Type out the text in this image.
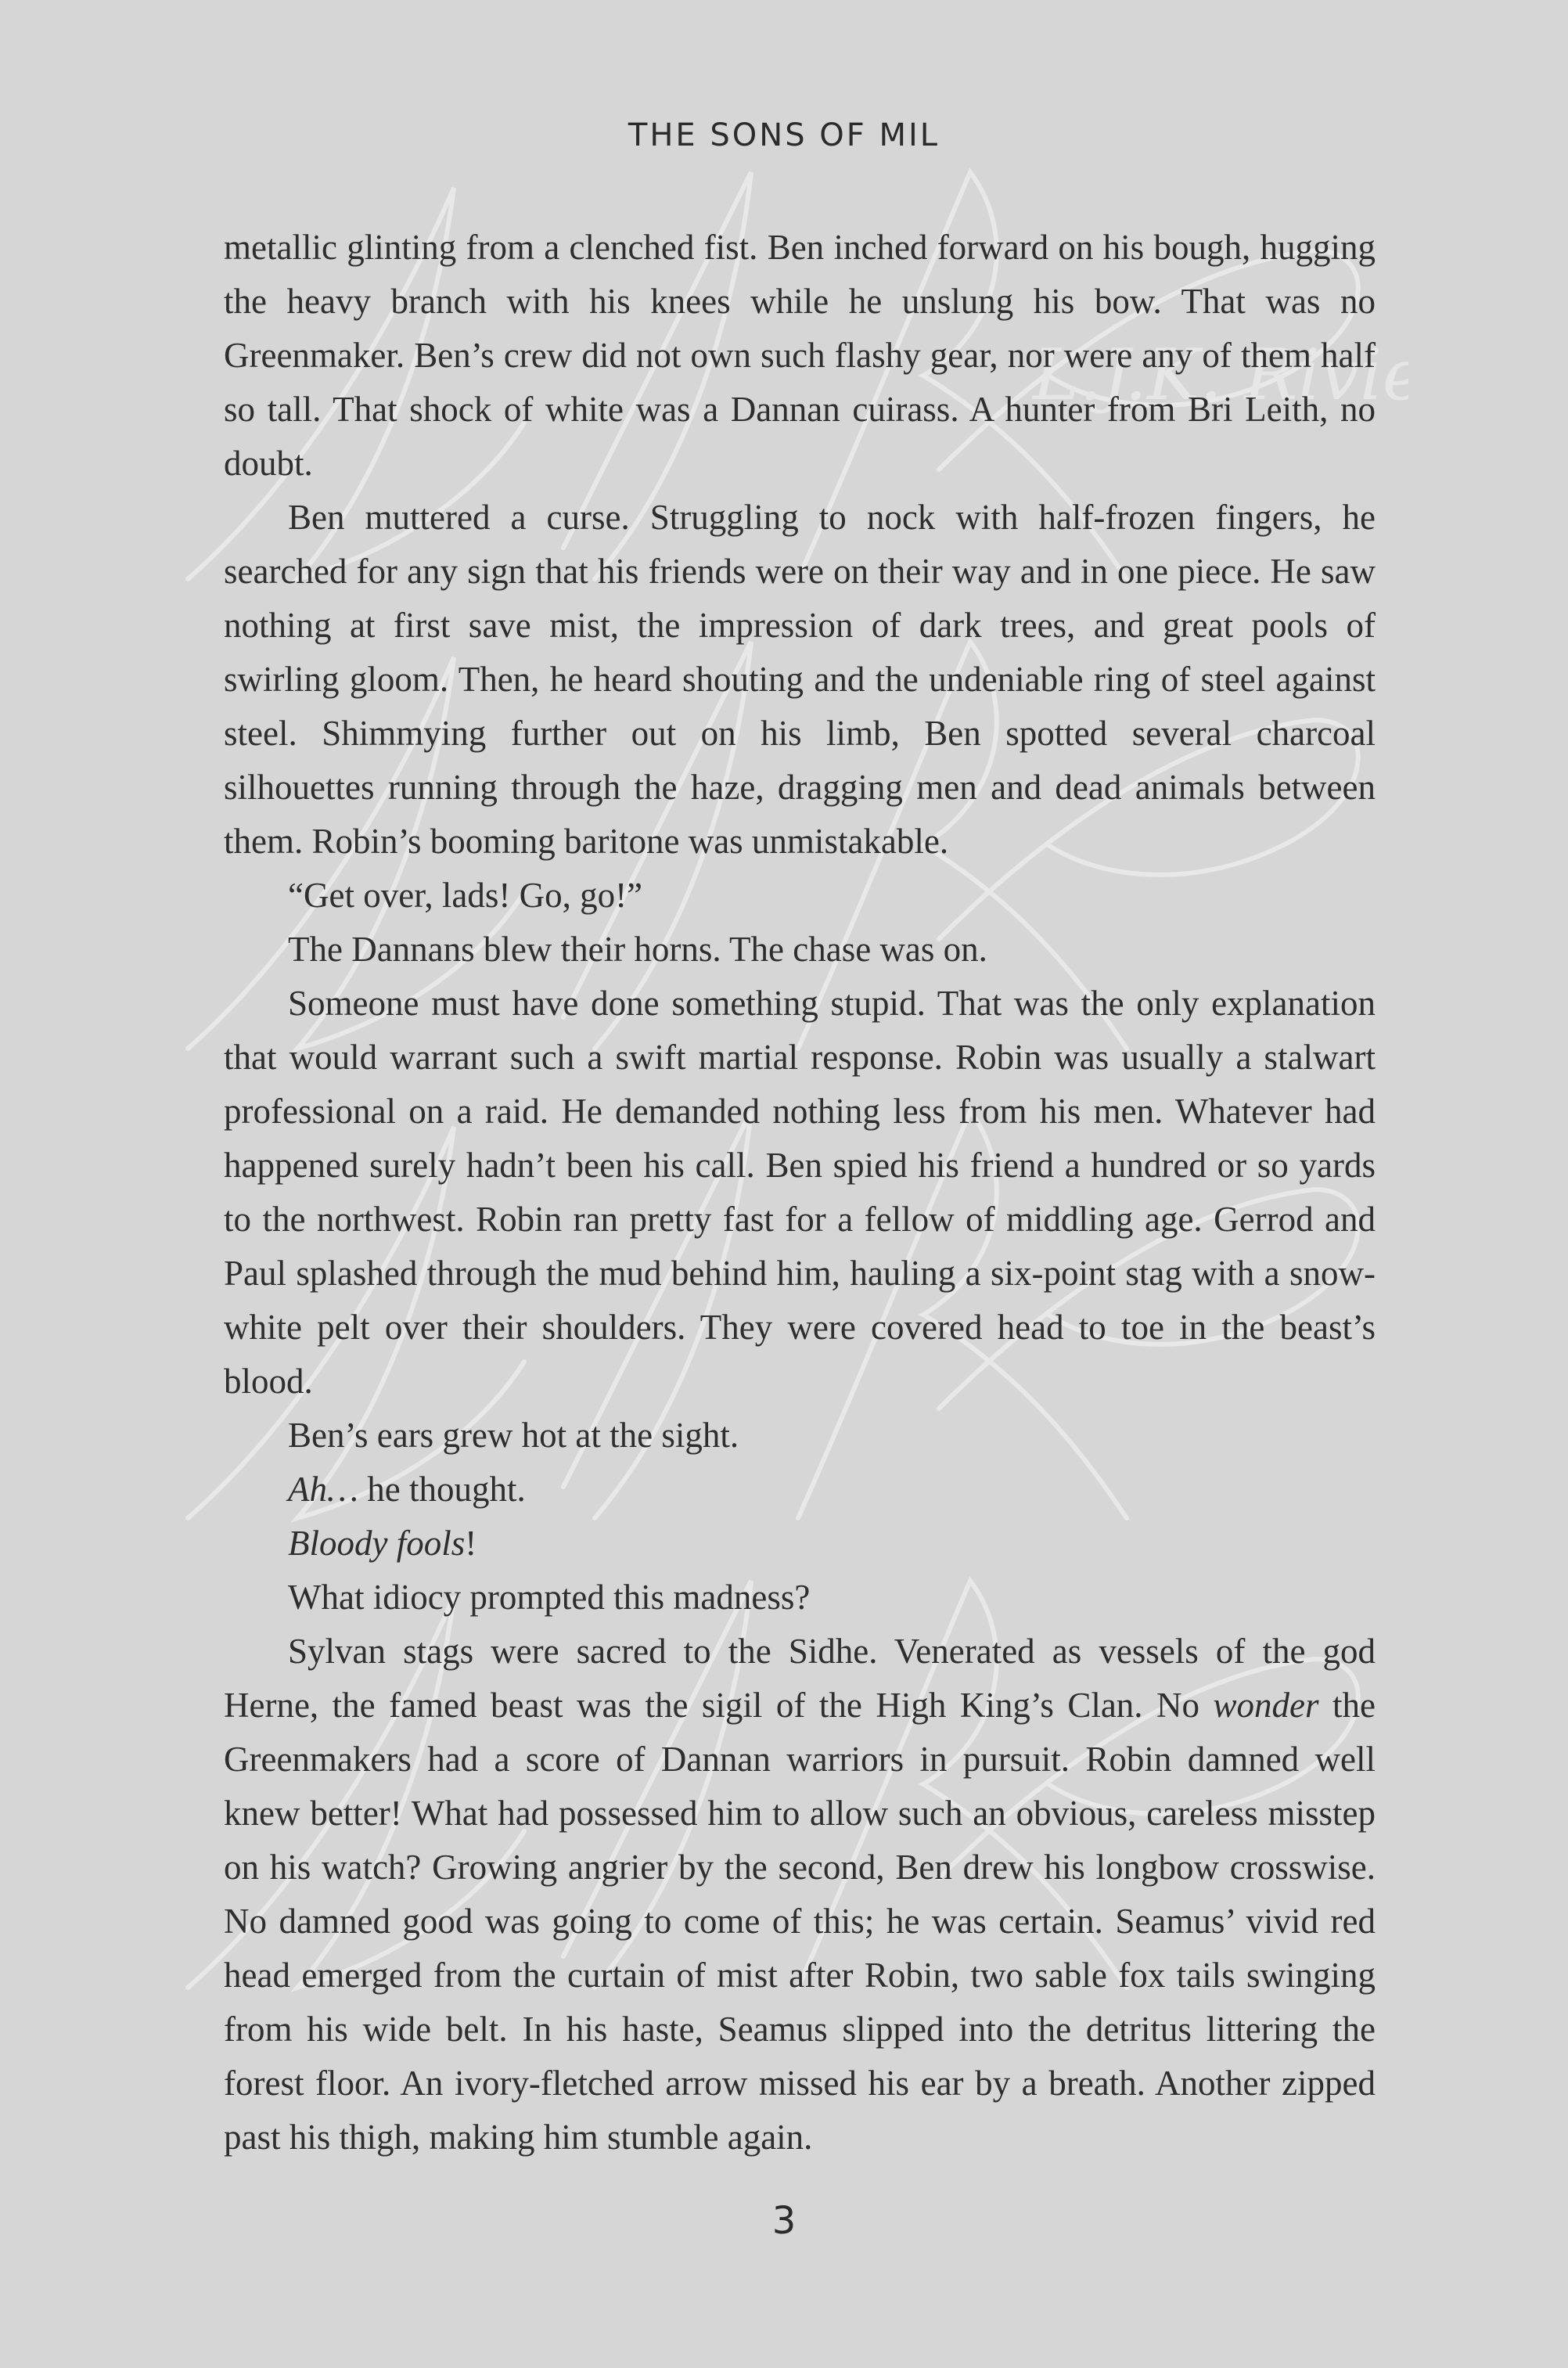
L.J.K. Rivi
THE SONS OF MIL

metallic glinting from a clenched fist. Ben inched forward on his bough, hugging the heavy branch with his knees while he unslung his bow. That was no Greenmaker. Ben’s crew did not own such flashy gear, nor were any of them half so tall. That shock of white was a Dannan cuirass. A hunter from Bri Leith, no doubt.

Ben muttered a curse. Struggling to nock with half-frozen fingers, he searched for any sign that his friends were on their way and in one piece. He saw nothing at first save mist, the impression of dark trees, and great pools of swirling gloom. Then, he heard shouting and the undeniable ring of steel against steel. Shimmying further out on his limb, Ben spotted several charcoal silhouettes running through the haze, dragging men and dead animals between them. Robin’s booming baritone was unmistakable.

“Get over, lads! Go, go!”

The Dannans blew their horns. The chase was on.

Someone must have done something stupid. That was the only explanation that would warrant such a swift martial response. Robin was usually a stalwart professional on a raid. He demanded nothing less from his men. Whatever had happened surely hadn’t been his call. Ben spied his friend a hundred or so yards to the northwest. Robin ran pretty fast for a fellow of middling age. Gerrod and Paul splashed through the mud behind him, hauling a six-point stag with a snow-white pelt over their shoulders. They were covered head to toe in the beast’s blood.

Ben’s ears grew hot at the sight.

Ah… he thought.

Bloody fools!

What idiocy prompted this madness?

Sylvan stags were sacred to the Sidhe. Venerated as vessels of the god Herne, the famed beast was the sigil of the High King’s Clan. No wonder the Greenmakers had a score of Dannan warriors in pursuit. Robin damned well knew better! What had possessed him to allow such an obvious, careless misstep on his watch? Growing angrier by the second, Ben drew his longbow crosswise. No damned good was going to come of this; he was certain. Seamus’ vivid red head emerged from the curtain of mist after Robin, two sable fox tails swinging from his wide belt. In his haste, Seamus slipped into the detritus littering the forest floor. An ivory-fletched arrow missed his ear by a breath. Another zipped past his thigh, making him stumble again.

3
